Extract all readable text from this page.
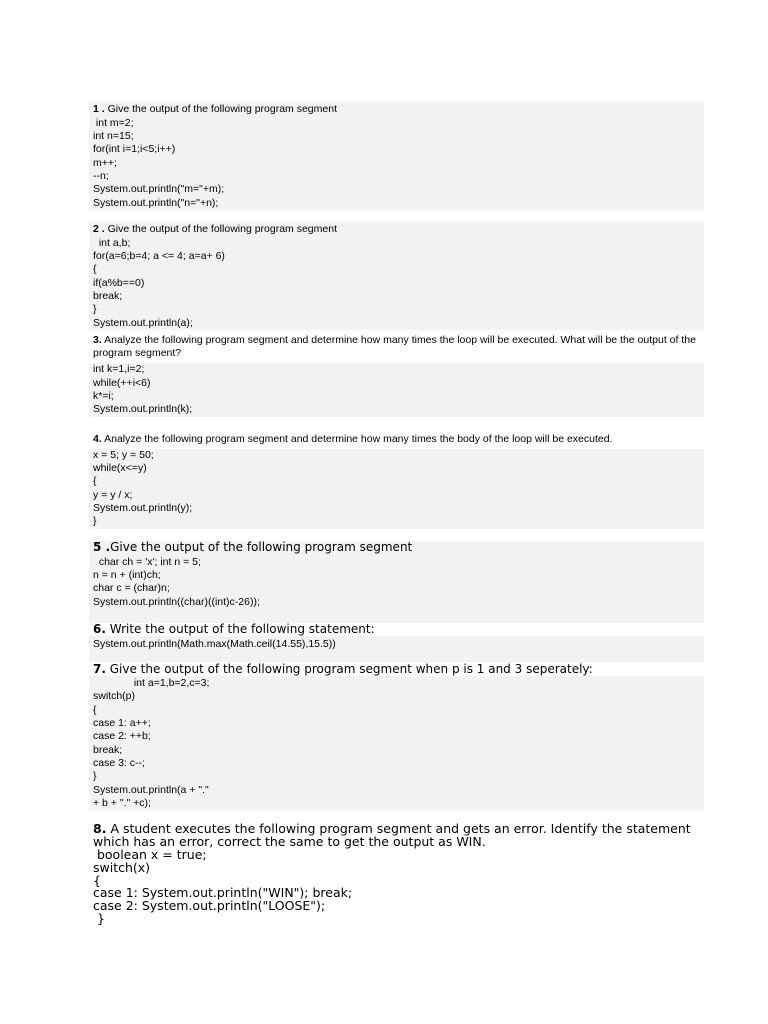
1 . Give the output of the following program segment
int m=2;
int n=15;
for(int i=1;i<5;i++)
m++;
--n;
System.out.println("m="+m);
System.out.println("n="+n);
2 . Give the output of the following program segment
int a,b;
for(a=6;b=4; a <= 4; a=a+ 6)
{
if(a%b==0)
break;
}
System.out.println(a);
3. Analyze the following program segment and determine how many times the loop will be executed. What will be the output of the program segment?
int k=1,i=2;
while(++i<6)
k*=i;
System.out.println(k);
4. Analyze the following program segment and determine how many times the body of the loop will be executed.
x = 5; y = 50;
while(x<=y)
{
y = y / x;
System.out.println(y);
}
5 .Give the output of the following program segment
char ch = 'x'; int n = 5;
n = n + (int)ch;
char c = (char)n;
System.out.println((char)((int)c-26));
6. Write the output of the following statement:
System.out.println(Math.max(Math.ceil(14.55),15.5))
7. Give the output of the following program segment when p is 1 and 3 seperately:
int a=1,b=2,c=3;
switch(p)
{
case 1: a++;
case 2: ++b;
break;
case 3: c--;
}
System.out.println(a + "."
+ b + "." +c);
8. A student executes the following program segment and gets an error. Identify the statement which has an error, correct the same to get the output as WIN.
boolean x = true;
switch(x)
{
case 1: System.out.println("WIN"); break;
case 2: System.out.println("LOOSE");
}
